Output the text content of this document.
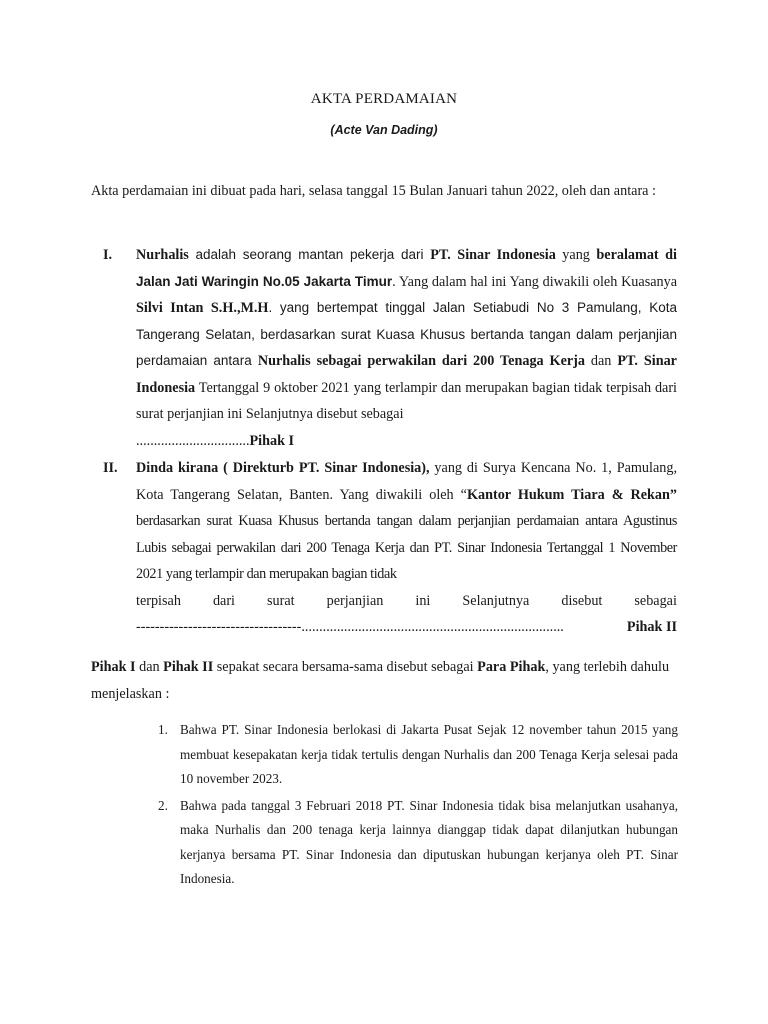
AKTA PERDAMAIAN
(Acte Van Dading)
Akta perdamaian ini dibuat pada hari, selasa tanggal 15 Bulan Januari tahun 2022, oleh dan antara :
I. Nurhalis adalah seorang mantan pekerja dari PT. Sinar Indonesia yang beralamat di Jalan Jati Waringin No.05 Jakarta Timur. Yang dalam hal ini Yang diwakili oleh Kuasanya Silvi Intan S.H.,M.H. yang bertempat tinggal Jalan Setiabudi No 3 Pamulang, Kota Tangerang Selatan, berdasarkan surat Kuasa Khusus bertanda tangan dalam perjanjian perdamaian antara Nurhalis sebagai perwakilan dari 200 Tenaga Kerja dan PT. Sinar Indonesia Tertanggal 9 oktober 2021 yang terlampir dan merupakan bagian tidak terpisah dari surat perjanjian ini Selanjutnya disebut sebagai
................................Pihak I
II. Dinda kirana ( Direkturb PT. Sinar Indonesia), yang di Surya Kencana No. 1, Pamulang, Kota Tangerang Selatan, Banten. Yang diwakili oleh “Kantor Hukum Tiara & Rekan” berdasarkan surat Kuasa Khusus bertanda tangan dalam perjanjian perdamaian antara Agustinus Lubis sebagai perwakilan dari 200 Tenaga Kerja dan PT. Sinar Indonesia Tertanggal 1 November 2021 yang terlampir dan merupakan bagian tidak
terpisah dari surat perjanjian ini Selanjutnya disebut sebagai
----------------------------------- ..........................................................................	Pihak II
Pihak I dan Pihak II sepakat secara bersama-sama disebut sebagai Para Pihak, yang terlebih dahulu menjelaskan :
1. Bahwa PT. Sinar Indonesia berlokasi di Jakarta Pusat Sejak 12 november tahun 2015 yang membuat kesepakatan kerja tidak tertulis dengan Nurhalis dan 200 Tenaga Kerja selesai pada 10 november 2023.
2. Bahwa pada tanggal 3 Februari 2018 PT. Sinar Indonesia tidak bisa melanjutkan usahanya, maka Nurhalis dan 200 tenaga kerja lainnya dianggap tidak dapat dilanjutkan hubungan kerjanya bersama PT. Sinar Indonesia dan diputuskan hubungan kerjanya oleh PT. Sinar Indonesia.
